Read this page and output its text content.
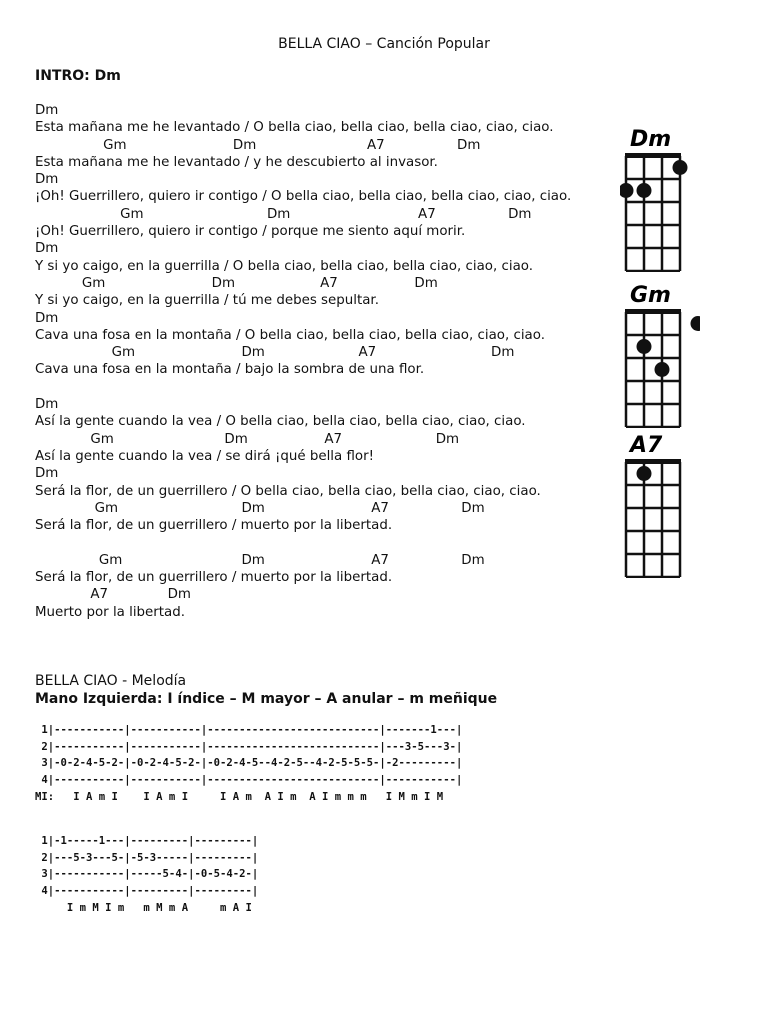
BELLA CIAO – Canción Popular
INTRO: Dm
Dm
Esta mañana me he levantado / O bella ciao, bella ciao, bella ciao, ciao, ciao.
Gm                         Dm                          A7                 Dm
Esta mañana me he levantado / y he descubierto al invasor.
Dm
¡Oh! Guerrillero, quiero ir contigo / O bella ciao, bella ciao, bella ciao, ciao, ciao.
Gm                             Dm                              A7                 Dm
¡Oh! Guerrillero, quiero ir contigo / porque me siento aquí morir.
Dm
Y si yo caigo, en la guerrilla / O bella ciao, bella ciao, bella ciao, ciao, ciao.
Gm                         Dm                    A7                  Dm
Y si yo caigo, en la guerrilla / tú me debes sepultar.
Dm
Cava una fosa en la montaña / O bella ciao, bella ciao, bella ciao, ciao, ciao.
Gm                         Dm                      A7                           Dm
Cava una fosa en la montaña / bajo la sombra de una flor.
Dm
Así la gente cuando la vea / O bella ciao, bella ciao, bella ciao, ciao, ciao.
Gm                          Dm                  A7                      Dm
Así la gente cuando la vea / se dirá ¡qué bella flor!
Dm
Será la flor, de un guerrillero / O bella ciao, bella ciao, bella ciao, ciao, ciao.
Gm                             Dm                         A7                 Dm
Será la flor, de un guerrillero / muerto por la libertad.
Gm                            Dm                         A7                 Dm
Será la flor, de un guerrillero / muerto por la libertad.
A7              Dm
Muerto por la libertad.
BELLA CIAO - Melodía
Mano Izquierda: I índice – M mayor – A anular – m meñique
1|-----------|-----------|---------------------------|-------1---|
2|-----------|-----------|---------------------------|---3-5---3-|
3|-0-2-4-5-2-|-0-2-4-5-2-|-0-2-4-5--4-2-5--4-2-5-5-5-|-2---------|
4|-----------|-----------|---------------------------|-----------|
MI:   I A m I    I A m I     I A m  A I m  A I m m m   I M m I M
1|-1-----1---|---------|---------|
2|---5-3---5-|-5-3-----|---------|
3|-----------|-----5-4-|-0-5-4-2-|
4|-----------|---------|---------|
I m M I m   m M m A     m A I
Dm
Gm
A7
